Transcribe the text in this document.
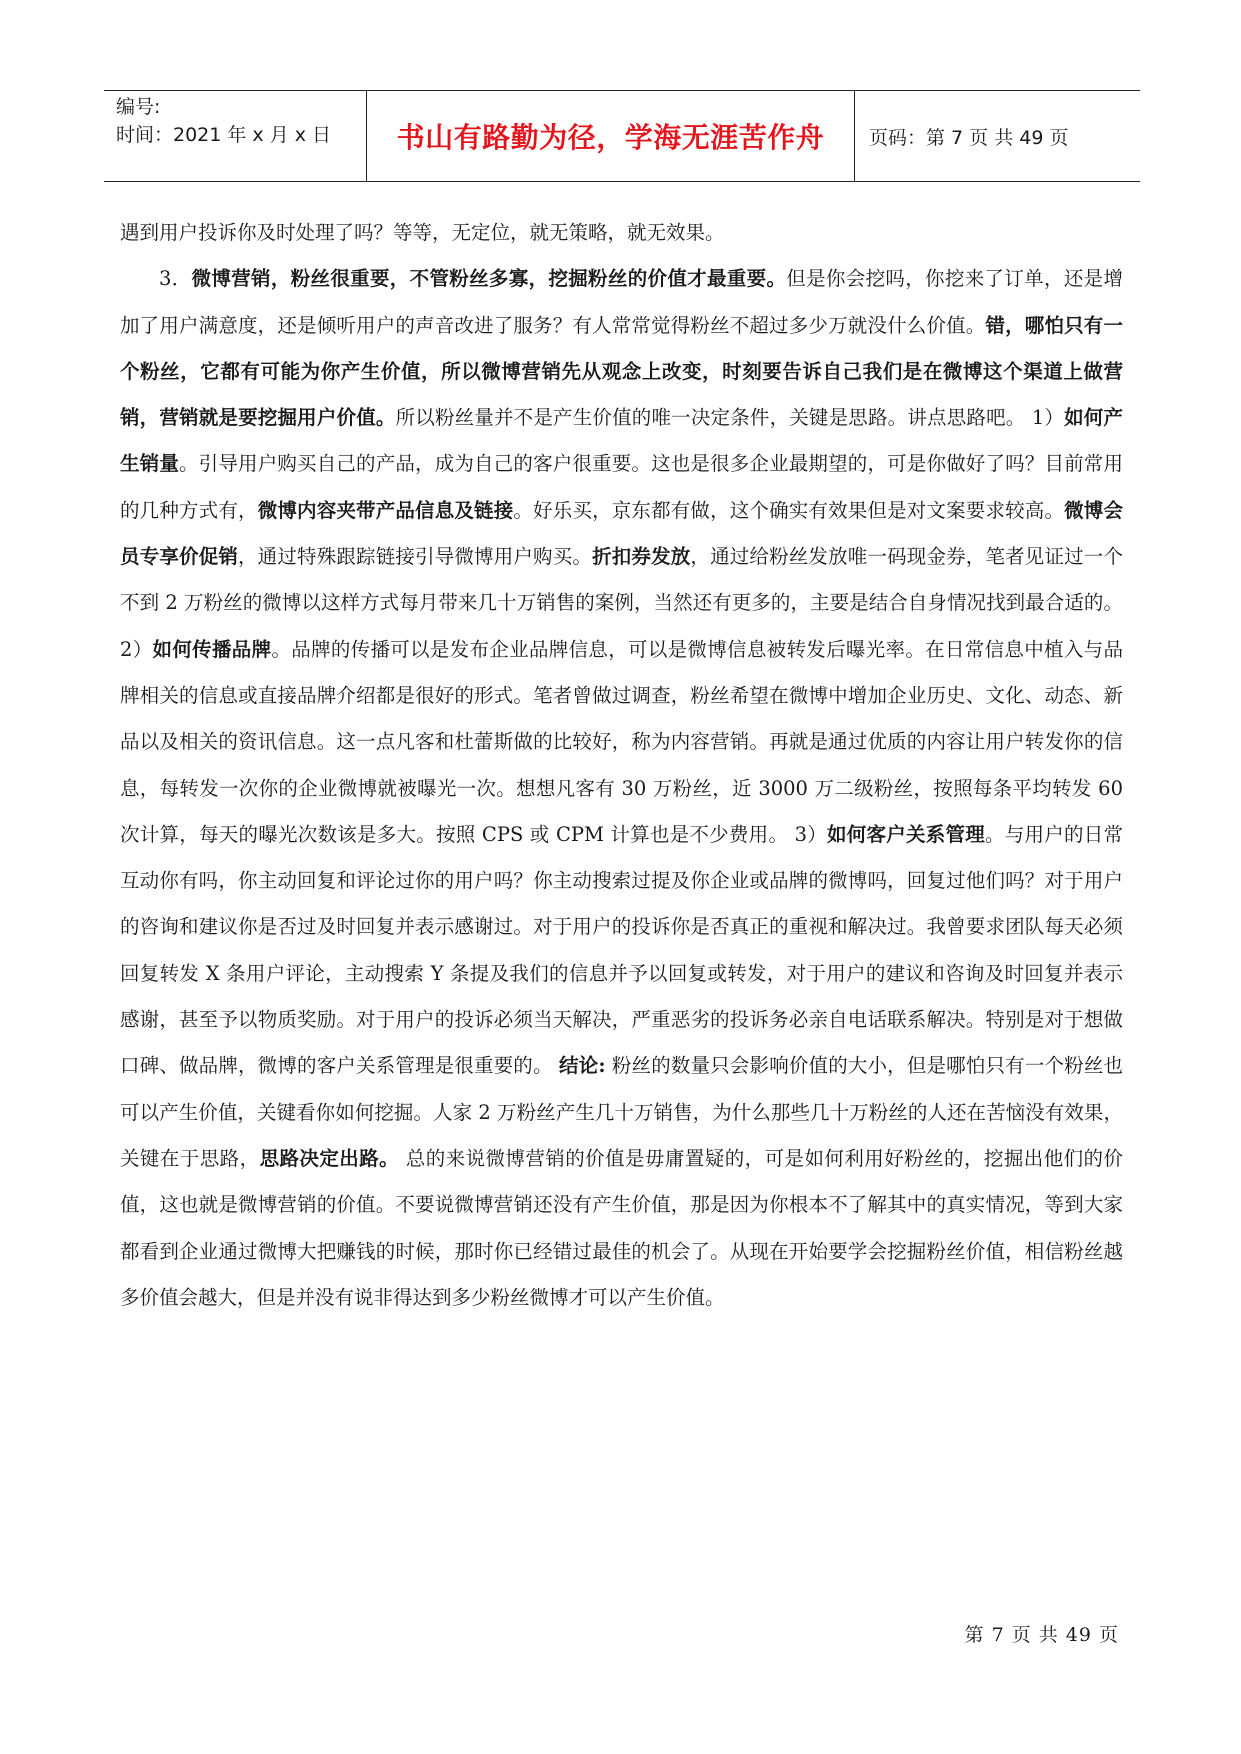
编号:
时间：2021 年 x 月 x 日	书山有路勤为径，学海无涯苦作舟 页码：第 7 页 共 49 页

遇到用户投诉你及时处理了吗？等等，无定位，就无策略，就无效果。

3．微博营销，粉丝很重要，不管粉丝多寡，挖掘粉丝的价值才最重要。但是你会挖吗，你挖来了订单，还是增加了用户满意度，还是倾听用户的声音改进了服务？有人常常觉得粉丝不超过多少万就没什么价值。错，哪怕只有一个粉丝，它都有可能为你产生价值，所以微博营销先从观念上改变，时刻要告诉自己我们是在微博这个渠道上做营销，营销就是要挖掘用户价值。所以粉丝量并不是产生价值的唯一决定条件，关键是思路。讲点思路吧。 1）如何产生销量。引导用户购买自己的产品，成为自己的客户很重要。这也是很多企业最期望的，可是你做好了吗？目前常用的几种方式有，微博内容夹带产品信息及链接。好乐买，京东都有做，这个确实有效果但是对文案要求较高。微博会员专享价促销，通过特殊跟踪链接引导微博用户购买。折扣券发放，通过给粉丝发放唯一码现金券，笔者见证过一个不到 2 万粉丝的微博以这样方式每月带来几十万销售的案例，当然还有更多的，主要是结合自身情况找到最合适的。 2）如何传播品牌。品牌的传播可以是发布企业品牌信息，可以是微博信息被转发后曝光率。在日常信息中植入与品牌相关的信息或直接品牌介绍都是很好的形式。笔者曾做过调查，粉丝希望在微博中增加企业历史、文化、动态、新品以及相关的资讯信息。这一点凡客和杜蕾斯做的比较好，称为内容营销。再就是通过优质的内容让用户转发你的信息，每转发一次你的企业微博就被曝光一次。想想凡客有 30 万粉丝，近 3000 万二级粉丝，按照每条平均转发 60 次计算，每天的曝光次数该是多大。按照 CPS 或 CPM 计算也是不少费用。 3）如何客户关系管理。与用户的日常互动你有吗，你主动回复和评论过你的用户吗？你主动搜索过提及你企业或品牌的微博吗，回复过他们吗？对于用户的咨询和建议你是否过及时回复并表示感谢过。对于用户的投诉你是否真正的重视和解决过。我曾要求团队每天必须回复转发 X 条用户评论，主动搜索 Y 条提及我们的信息并予以回复或转发，对于用户的建议和咨询及时回复并表示感谢，甚至予以物质奖励。对于用户的投诉必须当天解决，严重恶劣的投诉务必亲自电话联系解决。特别是对于想做口碑、做品牌，微博的客户关系管理是很重要的。 结论: 粉丝的数量只会影响价值的大小，但是哪怕只有一个粉丝也可以产生价值，关键看你如何挖掘。人家 2 万粉丝产生几十万销售，为什么那些几十万粉丝的人还在苦恼没有效果，关键在于思路，思路决定出路。 总的来说微博营销的价值是毋庸置疑的，可是如何利用好粉丝的，挖掘出他们的价值，这也就是微博营销的价值。不要说微博营销还没有产生价值，那是因为你根本不了解其中的真实情况，等到大家都看到企业通过微博大把赚钱的时候，那时你已经错过最佳的机会了。从现在开始要学会挖掘粉丝价值，相信粉丝越多价值会越大，但是并没有说非得达到多少粉丝微博才可以产生价值。

第 7 页 共 49 页
